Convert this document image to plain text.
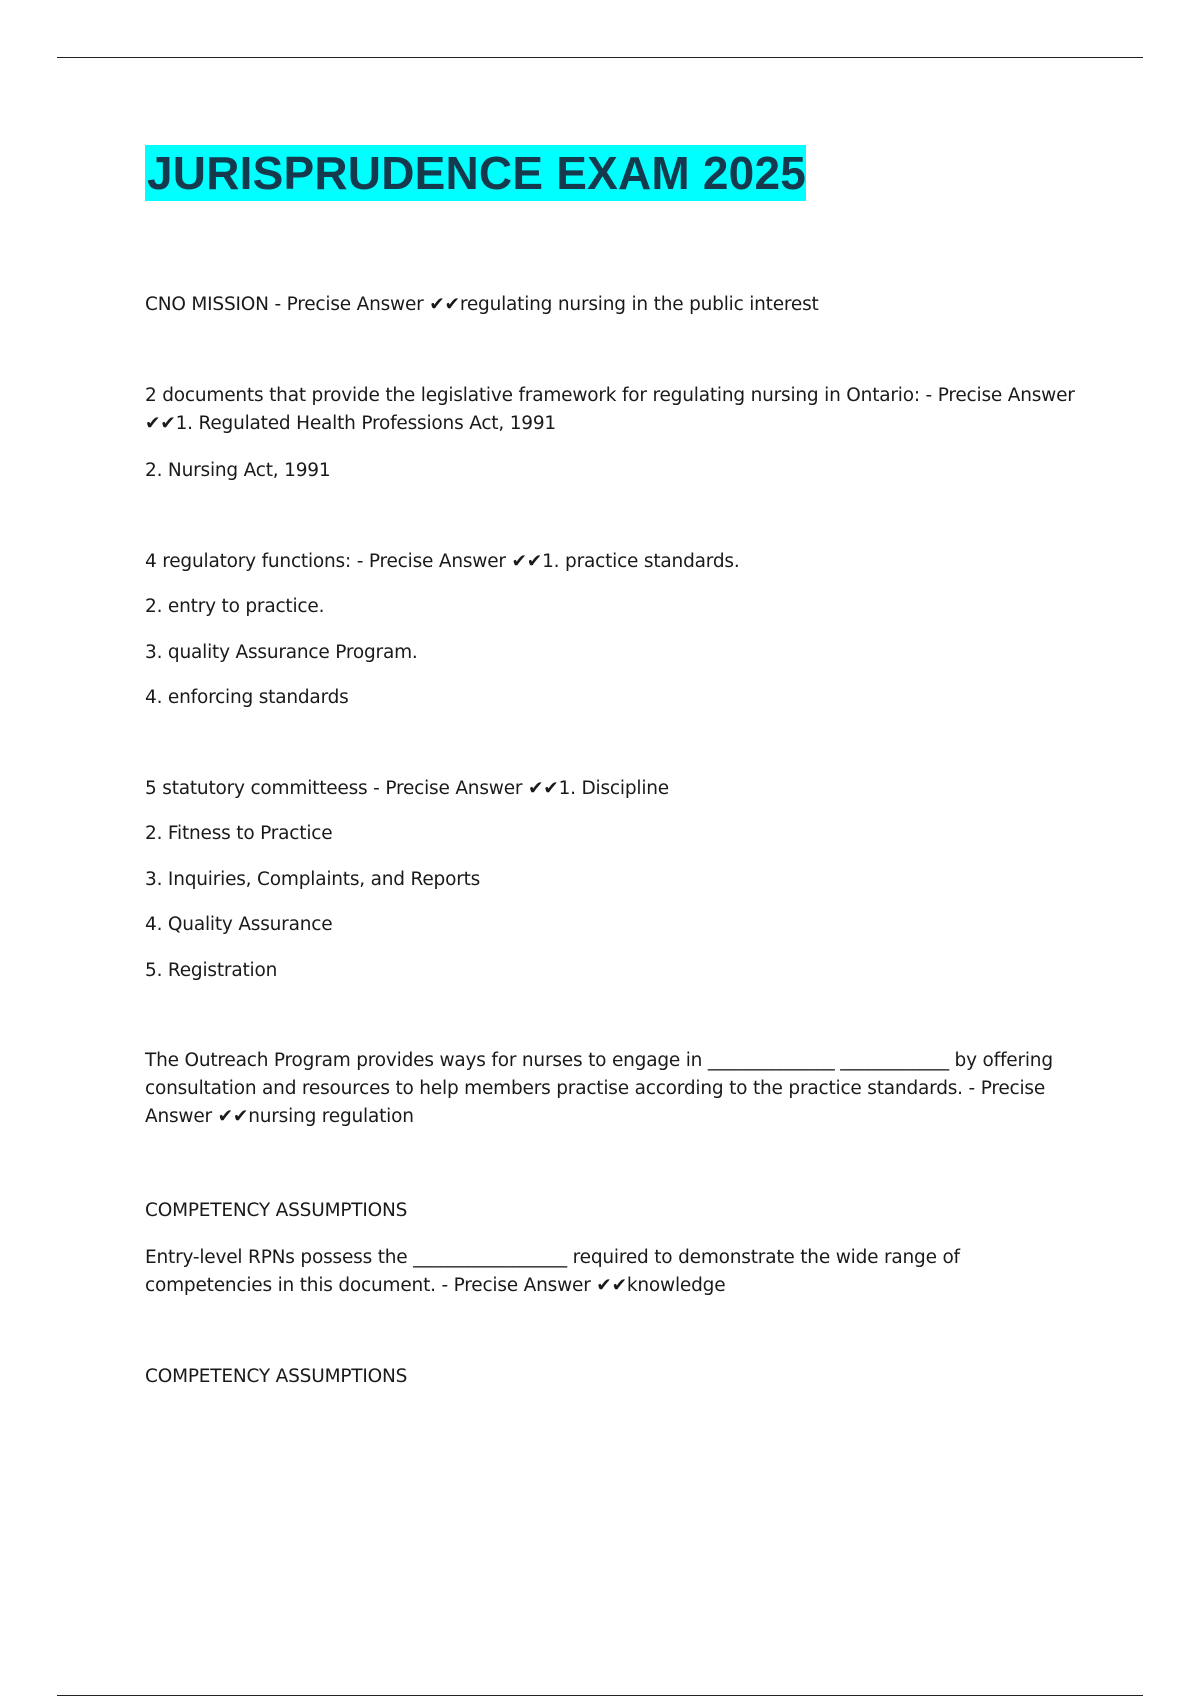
JURISPRUDENCE EXAM 2025

CNO MISSION - Precise Answer ✔✔regulating nursing in the public interest

2 documents that provide the legislative framework for regulating nursing in Ontario: - Precise Answer ✔✔1. Regulated Health Professions Act, 1991

2. Nursing Act, 1991

4 regulatory functions: - Precise Answer ✔✔1. practice standards.

2. entry to practice.

3. quality Assurance Program.

4. enforcing standards

5 statutory committeess - Precise Answer ✔✔1. Discipline

2. Fitness to Practice

3. Inquiries, Complaints, and Reports

4. Quality Assurance

5. Registration

The Outreach Program provides ways for nurses to engage in ______________ ____________ by offering consultation and resources to help members practise according to the practice standards. - Precise Answer ✔✔nursing regulation

COMPETENCY ASSUMPTIONS

Entry-level RPNs possess the _________________ required to demonstrate the wide range of competencies in this document. - Precise Answer ✔✔knowledge

COMPETENCY ASSUMPTIONS
